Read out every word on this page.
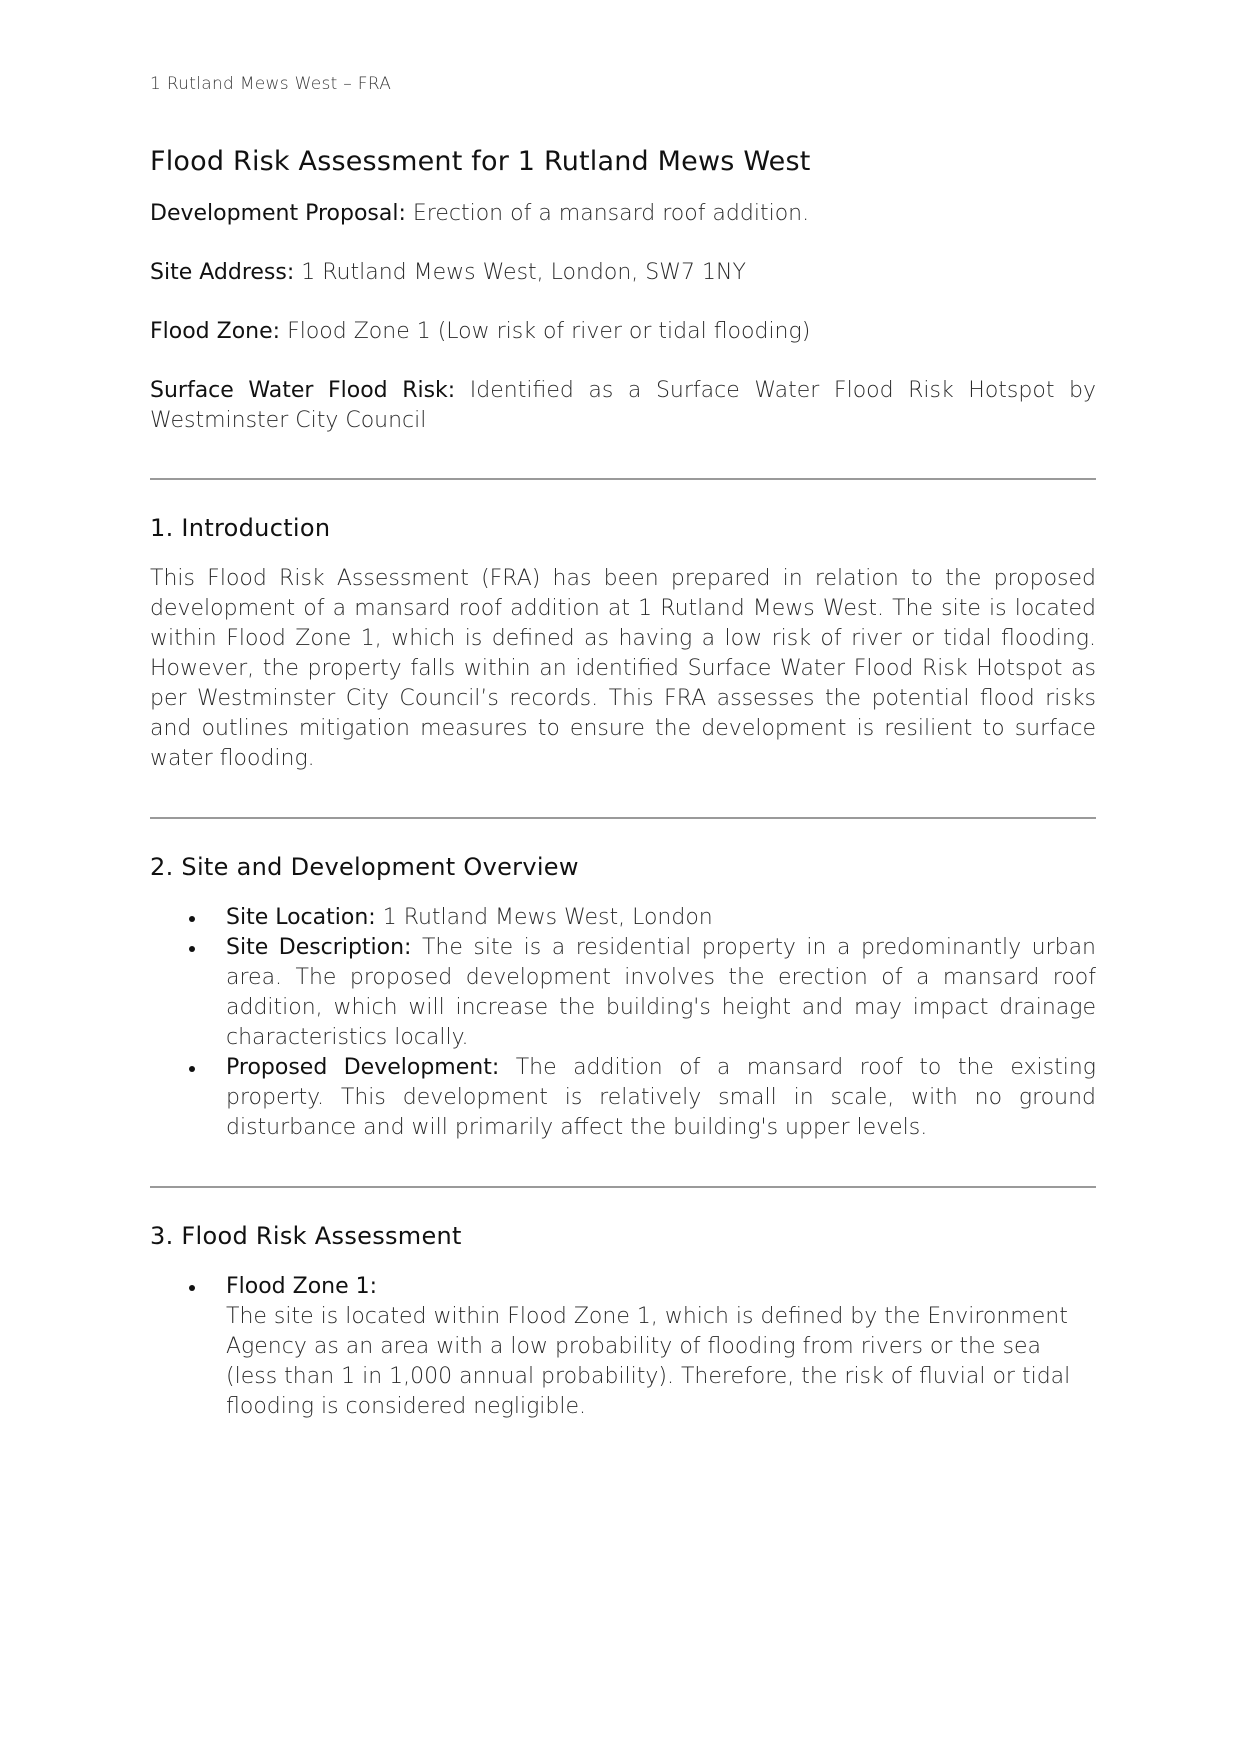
1 Rutland Mews West – FRA
Flood Risk Assessment for 1 Rutland Mews West

Development Proposal: Erection of a mansard roof addition.

Site Address: 1 Rutland Mews West, London, SW7 1NY

Flood Zone: Flood Zone 1 (Low risk of river or tidal flooding)

Surface Water Flood Risk: Identified as a Surface Water Flood Risk Hotspot by Westminster City Council

1. Introduction

This Flood Risk Assessment (FRA) has been prepared in relation to the proposed development of a mansard roof addition at 1 Rutland Mews West. The site is located within Flood Zone 1, which is defined as having a low risk of river or tidal flooding. However, the property falls within an identified Surface Water Flood Risk Hotspot as per Westminster City Council’s records. This FRA assesses the potential flood risks and outlines mitigation measures to ensure the development is resilient to surface water flooding.

2. Site and Development Overview
Site Location: 1 Rutland Mews West, London
Site Description: The site is a residential property in a predominantly urban area. The proposed development involves the erection of a mansard roof addition, which will increase the building's height and may impact drainage characteristics locally.
Proposed Development: The addition of a mansard roof to the existing property. This development is relatively small in scale, with no ground disturbance and will primarily affect the building's upper levels.
3. Flood Risk Assessment
Flood Zone 1:
The site is located within Flood Zone 1, which is defined by the Environment Agency as an area with a low probability of flooding from rivers or the sea (less than 1 in 1,000 annual probability). Therefore, the risk of fluvial or tidal flooding is considered negligible.
